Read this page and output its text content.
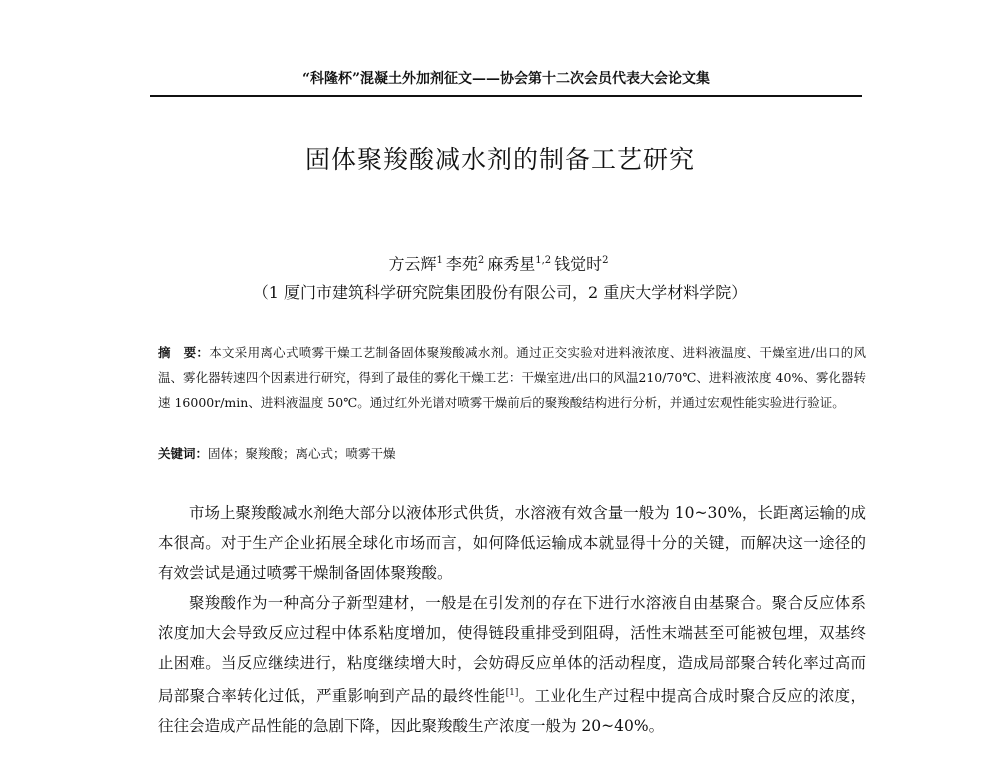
“科隆杯”混凝土外加剂征文——协会第十二次会员代表大会论文集
固体聚羧酸减水剂的制备工艺研究
方云辉$^1$ 李苑$^2$ 麻秀星$^{1,2}$ 钱觉时$^2$
（1 厦门市建筑科学研究院集团股份有限公司，2 重庆大学材料学院）
摘　要：本文采用离心式喷雾干燥工艺制备固体聚羧酸减水剂。通过正交实验对进料液浓度、进料液温度、干燥室进/出口的风温、雾化器转速四个因素进行研究，得到了最佳的雾化干燥工艺：干燥室进/出口的风温210/70℃、进料液浓度 40%、雾化器转速 16000r/min、进料液温度 50℃。通过红外光谱对喷雾干燥前后的聚羧酸结构进行分析，并通过宏观性能实验进行验证。
关键词：固体；聚羧酸；离心式；喷雾干燥

市场上聚羧酸减水剂绝大部分以液体形式供货，水溶液有效含量一般为 10~30%，长距离运输的成本很高。对于生产企业拓展全球化市场而言，如何降低运输成本就显得十分的关键，而解决这一途径的有效尝试是通过喷雾干燥制备固体聚羧酸。

聚羧酸作为一种高分子新型建材，一般是在引发剂的存在下进行水溶液自由基聚合。聚合反应体系浓度加大会导致反应过程中体系粘度增加，使得链段重排受到阻碍，活性末端甚至可能被包埋，双基终止困难。当反应继续进行，粘度继续增大时，会妨碍反应单体的活动程度，造成局部聚合转化率过高而局部聚合率转化过低，严重影响到产品的最终性能[1]。工业化生产过程中提高合成时聚合反应的浓度，往往会造成产品性能的急剧下降，因此聚羧酸生产浓度一般为 20~40%。
